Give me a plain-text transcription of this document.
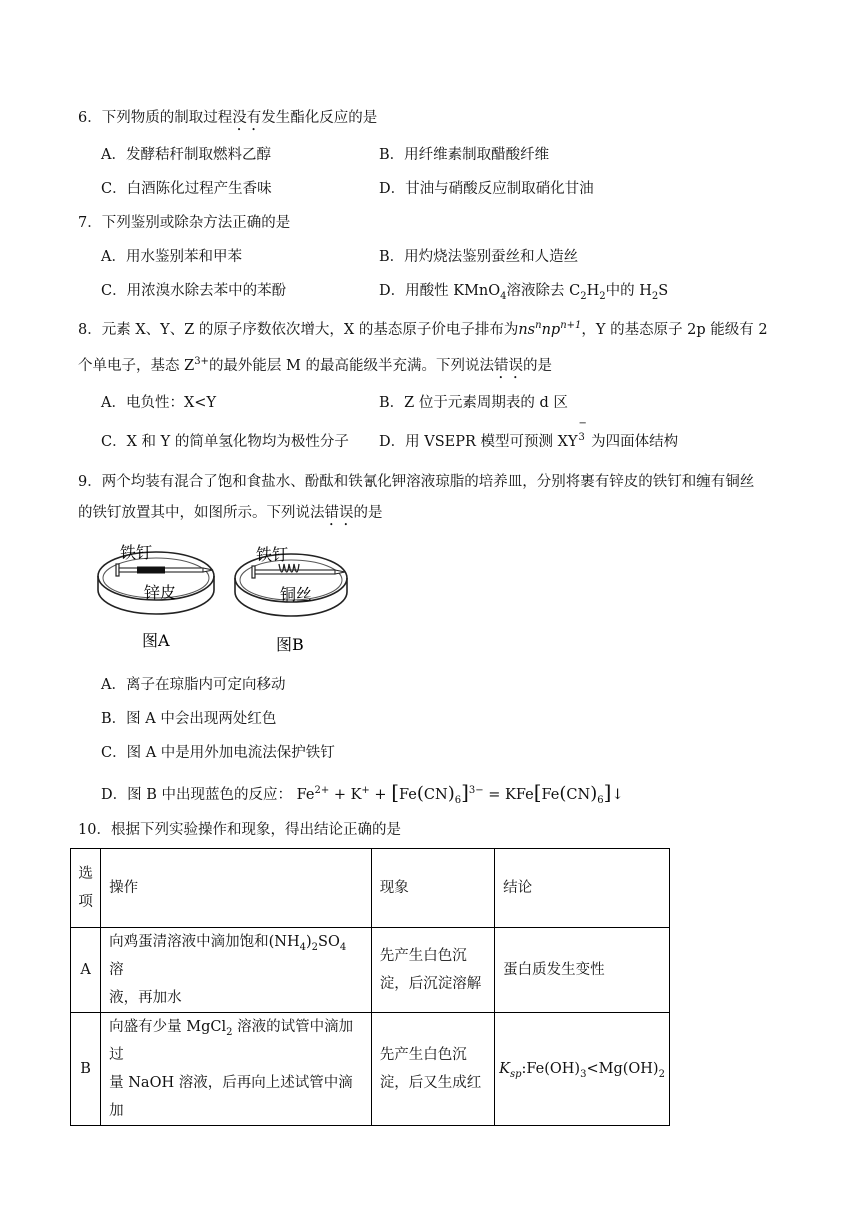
6．下列物质的制取过程没有发生酯化反应的是
A．发酵秸秆制取燃料乙醇	B．用纤维素制取醋酸纤维
C．白酒陈化过程产生香味	D．甘油与硝酸反应制取硝化甘油
7．下列鉴别或除杂方法正确的是
A．用水鉴别苯和甲苯	B．用灼烧法鉴别蚕丝和人造丝
C．用浓溴水除去苯中的苯酚	D．用酸性 KMnO$_4$溶液除去 $C_2H_2$中的 $H_2S$
8．元素 X、Y、Z 的原子序数依次增大，X 的基态原子价电子排布为$ns^nnp^{n+1}$，Y 的基态原子 2p 能级有 2
个单电子，基态 $Z^{3+}$的最外能层 M 的最高能级半充满。下列说法错误的是
A．电负性：X<Y	B．Z 位于元素周期表的 d 区
C．X 和 Y 的简单氢化物均为极性分子 D．用 VSEPR 模型可预测 XY
−
3 为四面体结构
9．两个均装有混合了饱和食盐水、酚酞和铁氰化钾溶液琼脂的培养皿，分别将裹有锌皮的铁钉和缠有铜丝
的铁钉放置其中，如图所示。下列说法错误的是
铁钉
锌皮
图A
铁钉
铜丝
图B
A．离子在琼脂内可定向移动
B．图 A 中会出现两处红色
C．图 A 中是用外加电流法保护铁钉
D．图 B 中出现蓝色的反应： $Fe^{2+} + K^+ + [Fe(CN)_6]^{3-}$ = $KFe[Fe(CN)_6]↓$
10．根据下列实验操作和现象，得出结论正确的是
选
项	操作	现象	结论
A	向鸡蛋清溶液中滴加饱和$(NH_4)_2SO_4$ 溶
液，再加水	先产生白色沉
淀，后沉淀溶解	蛋白质发生变性
B	向盛有少量 MgCl$_2$ 溶液的试管中滴加过
量 NaOH 溶液，后再向上述试管中滴加	先产生白色沉
淀，后又生成红	$K_{sp}:Fe(OH)_3<Mg(OH)_2$
